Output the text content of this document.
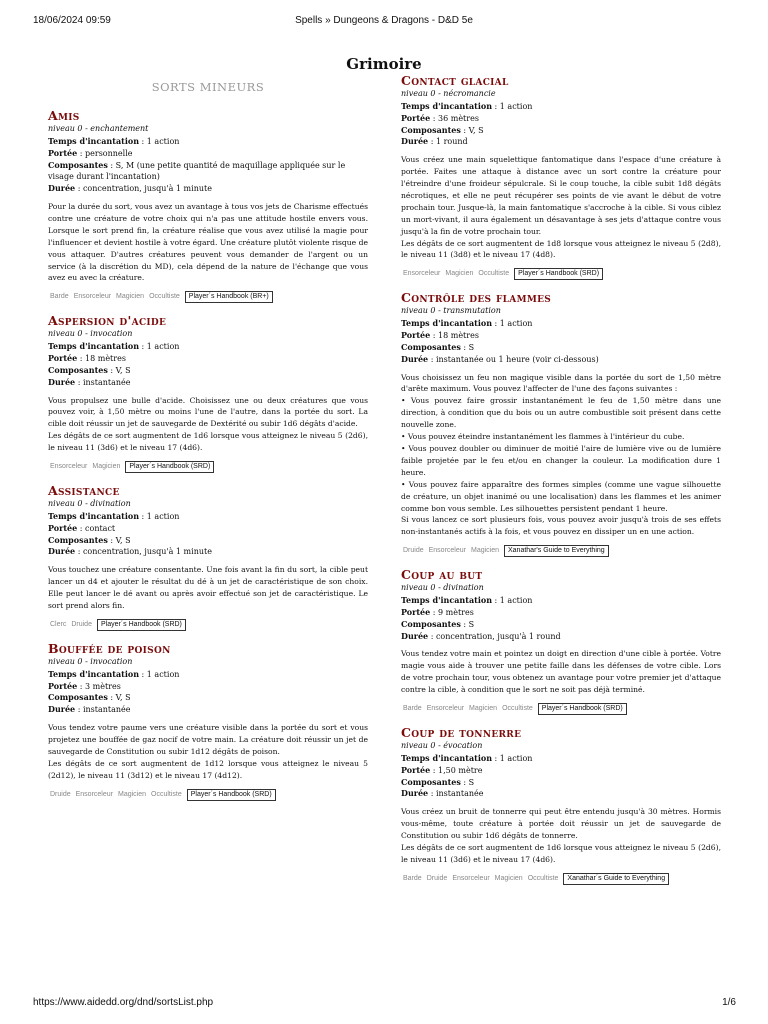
18/06/2024 09:59	Spells » Dungeons & Dragons - D&D 5e
Grimoire
SORTS MINEURS
Amis
niveau 0 - enchantement
Temps d'incantation : 1 action
Portée : personnelle
Composantes : S, M (une petite quantité de maquillage appliquée sur le visage durant l'incantation)
Durée : concentration, jusqu'à 1 minute

Pour la durée du sort, vous avez un avantage à tous vos jets de Charisme effectués contre une créature de votre choix qui n'a pas une attitude hostile envers vous. Lorsque le sort prend fin, la créature réalise que vous avez utilisé la magie pour l'influencer et devient hostile à votre égard. Une créature plutôt violente risque de vous attaquer. D'autres créatures peuvent vous demander de l'argent ou un service (à la discrétion du MD), cela dépend de la nature de l'échange que vous avez eu avec la créature.

Barde Ensorceleur Magicien Occultiste Player´s Handbook (BR+)
Aspersion d'acide
niveau 0 - invocation
Temps d'incantation : 1 action
Portée : 18 mètres
Composantes : V, S
Durée : instantanée

Vous propulsez une bulle d'acide. Choisissez une ou deux créatures que vous pouvez voir, à 1,50 mètre ou moins l'une de l'autre, dans la portée du sort. La cible doit réussir un jet de sauvegarde de Dextérité ou subir 1d6 dégâts d'acide.

Les dégâts de ce sort augmentent de 1d6 lorsque vous atteignez le niveau 5 (2d6), le niveau 11 (3d6) et le niveau 17 (4d6).

Ensorceleur Magicien Player´s Handbook (SRD)
Assistance
niveau 0 - divination
Temps d'incantation : 1 action
Portée : contact
Composantes : V, S
Durée : concentration, jusqu'à 1 minute

Vous touchez une créature consentante. Une fois avant la fin du sort, la cible peut lancer un d4 et ajouter le résultat du dé à un jet de caractéristique de son choix. Elle peut lancer le dé avant ou après avoir effectué son jet de caractéristique. Le sort prend alors fin.

Clerc Druide Player´s Handbook (SRD)
Bouffée de poison
niveau 0 - invocation
Temps d'incantation : 1 action
Portée : 3 mètres
Composantes : V, S
Durée : instantanée

Vous tendez votre paume vers une créature visible dans la portée du sort et vous projetez une bouffée de gaz nocif de votre main. La créature doit réussir un jet de sauvegarde de Constitution ou subir 1d12 dégâts de poison.

Les dégâts de ce sort augmentent de 1d12 lorsque vous atteignez le niveau 5 (2d12), le niveau 11 (3d12) et le niveau 17 (4d12).

Druide Ensorceleur Magicien Occultiste Player´s Handbook (SRD)
Contact glacial
niveau 0 - nécromancie
Temps d'incantation : 1 action
Portée : 36 mètres
Composantes : V, S
Durée : 1 round

Vous créez une main squelettique fantomatique dans l'espace d'une créature à portée. Faites une attaque à distance avec un sort contre la créature pour l'étreindre d'une froideur sépulcrale. Si le coup touche, la cible subit 1d8 dégâts nécrotiques, et elle ne peut récupérer ses points de vie avant le début de votre prochain tour. Jusque-là, la main fantomatique s'accroche à la cible. Si vous ciblez un mort-vivant, il aura également un désavantage à ses jets d'attaque contre vous jusqu'à la fin de votre prochain tour.

Les dégâts de ce sort augmentent de 1d8 lorsque vous atteignez le niveau 5 (2d8), le niveau 11 (3d8) et le niveau 17 (4d8).

Ensorceleur Magicien Occultiste Player´s Handbook (SRD)
Contrôle des flammes
niveau 0 - transmutation
Temps d'incantation : 1 action
Portée : 18 mètres
Composantes : S
Durée : instantanée ou 1 heure (voir ci-dessous)

Vous choisissez un feu non magique visible dans la portée du sort de 1,50 mètre d'arête maximum. Vous pouvez l'affecter de l'une des façons suivantes :

• Vous pouvez faire grossir instantanément le feu de 1,50 mètre dans une direction, à condition que du bois ou un autre combustible soit présent dans cette nouvelle zone.

• Vous pouvez éteindre instantanément les flammes à l'intérieur du cube.

• Vous pouvez doubler ou diminuer de moitié l'aire de lumière vive ou de lumière faible projetée par le feu et/ou en changer la couleur. La modification dure 1 heure.

• Vous pouvez faire apparaître des formes simples (comme une vague silhouette de créature, un objet inanimé ou une localisation) dans les flammes et les animer comme bon vous semble. Les silhouettes persistent pendant 1 heure.

Si vous lancez ce sort plusieurs fois, vous pouvez avoir jusqu'à trois de ses effets non-instantanés actifs à la fois, et vous pouvez en dissiper un en une action.

Druide Ensorceleur Magicien Xanathar's Guide to Everything
Coup au but
niveau 0 - divination
Temps d'incantation : 1 action
Portée : 9 mètres
Composantes : S
Durée : concentration, jusqu'à 1 round

Vous tendez votre main et pointez un doigt en direction d'une cible à portée. Votre magie vous aide à trouver une petite faille dans les défenses de votre cible. Lors de votre prochain tour, vous obtenez un avantage pour votre premier jet d'attaque contre la cible, à condition que le sort ne soit pas déjà terminé.

Barde Ensorceleur Magicien Occultiste Player´s Handbook (SRD)
Coup de tonnerre
niveau 0 - évocation
Temps d'incantation : 1 action
Portée : 1,50 mètre
Composantes : S
Durée : instantanée

Vous créez un bruit de tonnerre qui peut être entendu jusqu'à 30 mètres. Hormis vous-même, toute créature à portée doit réussir un jet de sauvegarde de Constitution ou subir 1d6 dégâts de tonnerre.

Les dégâts de ce sort augmentent de 1d6 lorsque vous atteignez le niveau 5 (2d6), le niveau 11 (3d6) et le niveau 17 (4d6).

Barde Druide Ensorceleur Magicien Occultiste Xanathar´s Guide to Everything
https://www.aidedd.org/dnd/sortsList.php	1/6
